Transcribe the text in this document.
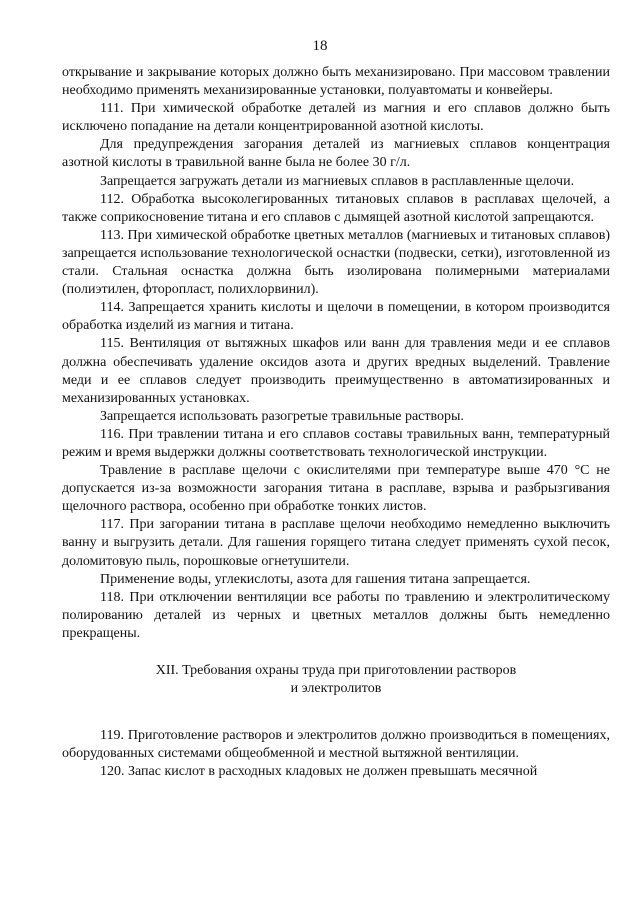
18

открывание и закрывание которых должно быть механизировано. При массовом травлении необходимо применять механизированные установки, полуавтоматы и конвейеры.

111. При химической обработке деталей из магния и его сплавов должно быть исключено попадание на детали концентрированной азотной кислоты.

Для предупреждения загорания деталей из магниевых сплавов концентрация азотной кислоты в травильной ванне была не более 30 г/л.

Запрещается загружать детали из магниевых сплавов в расплавленные щелочи.

112. Обработка высоколегированных титановых сплавов в расплавах щелочей, а также соприкосновение титана и его сплавов с дымящей азотной кислотой запрещаются.

113. При химической обработке цветных металлов (магниевых и титановых сплавов) запрещается использование технологической оснастки (подвески, сетки), изготовленной из стали. Стальная оснастка должна быть изолирована полимерными материалами (полиэтилен, фторопласт, полихлорвинил).

114. Запрещается хранить кислоты и щелочи в помещении, в котором производится обработка изделий из магния и титана.

115. Вентиляция от вытяжных шкафов или ванн для травления меди и ее сплавов должна обеспечивать удаление оксидов азота и других вредных выделений. Травление меди и ее сплавов следует производить преимущественно в автоматизированных и механизированных установках.

Запрещается использовать разогретые травильные растворы.

116. При травлении титана и его сплавов составы травильных ванн, температурный режим и время выдержки должны соответствовать технологической инструкции.

Травление в расплаве щелочи с окислителями при температуре выше 470 °С не допускается из-за возможности загорания титана в расплаве, взрыва и разбрызгивания щелочного раствора, особенно при обработке тонких листов.

117. При загорании титана в расплаве щелочи необходимо немедленно выключить ванну и выгрузить детали. Для гашения горящего титана следует применять сухой песок, доломитовую пыль, порошковые огнетушители.

Применение воды, углекислоты, азота для гашения титана запрещается.

118. При отключении вентиляции все работы по травлению и электролитическому полированию деталей из черных и цветных металлов должны быть немедленно прекращены.

XII. Требования охраны труда при приготовлении растворов
и электролитов

119. Приготовление растворов и электролитов должно производиться в помещениях, оборудованных системами общеобменной и местной вытяжной вентиляции.

120. Запас кислот в расходных кладовых не должен превышать месячной
